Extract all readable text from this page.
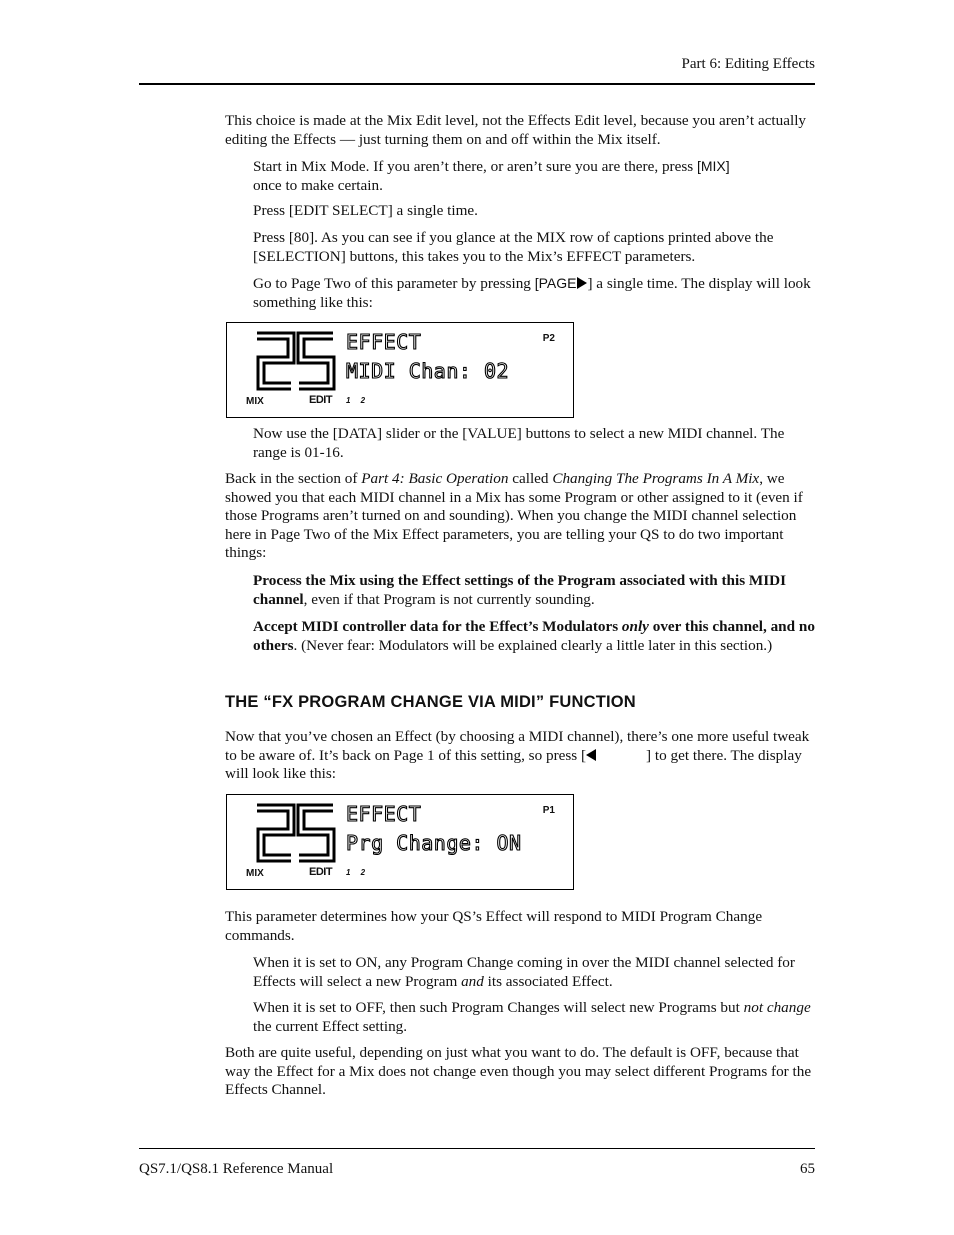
Part 6: Editing Effects
This choice is made at the Mix Edit level, not the Effects Edit level, because you aren’t actually editing the Effects — just turning them on and off within the Mix itself.
Start in Mix Mode. If you aren’t there, or aren’t sure you are there, press [MIX]
once to make certain.
Press [EDIT SELECT] a single time.
Press [80]. As you can see if you glance at the MIX row of captions printed above the [SELECTION] buttons, this takes you to the Mix’s EFFECT parameters.
Go to Page Two of this parameter by pressing [PAGE ] a single time. The display will look something like this:
EFFECT
MIDI Chan: 02
P2
MIX	EDIT 1 2
Now use the [DATA] slider or the [VALUE] buttons to select a new MIDI channel. The range is 01-16.
Back in the section of Part 4: Basic Operation called Changing The Programs In A Mix, we showed you that each MIDI channel in a Mix has some Program or other assigned to it (even if those Programs aren’t turned on and sounding). When you change the MIDI channel selection here in Page Two of the Mix Effect parameters, you are telling your QS to do two important things:
Process the Mix using the Effect settings of the Program associated with this MIDI channel, even if that Program is not currently sounding.
Accept MIDI controller data for the Effect’s Modulators only over this channel, and no others. (Never fear: Modulators will be explained clearly a little later in this section.)
THE “FX PROGRAM CHANGE VIA MIDI” FUNCTION
Now that you’ve chosen an Effect (by choosing a MIDI channel), there’s one more useful tweak to be aware of. It’s back on Page 1 of this setting, so press [	] to get there. The display will look like this:
EFFECT
Prg Change: ON
P1
MIX	EDIT 1 2
This parameter determines how your QS’s Effect will respond to MIDI Program Change commands.
When it is set to ON, any Program Change coming in over the MIDI channel selected for Effects will select a new Program and its associated Effect.
When it is set to OFF, then such Program Changes will select new Programs but not change the current Effect setting.
Both are quite useful, depending on just what you want to do. The default is OFF, because that way the Effect for a Mix does not change even though you may select different Programs for the Effects Channel.
QS7.1/QS8.1 Reference Manual	65
